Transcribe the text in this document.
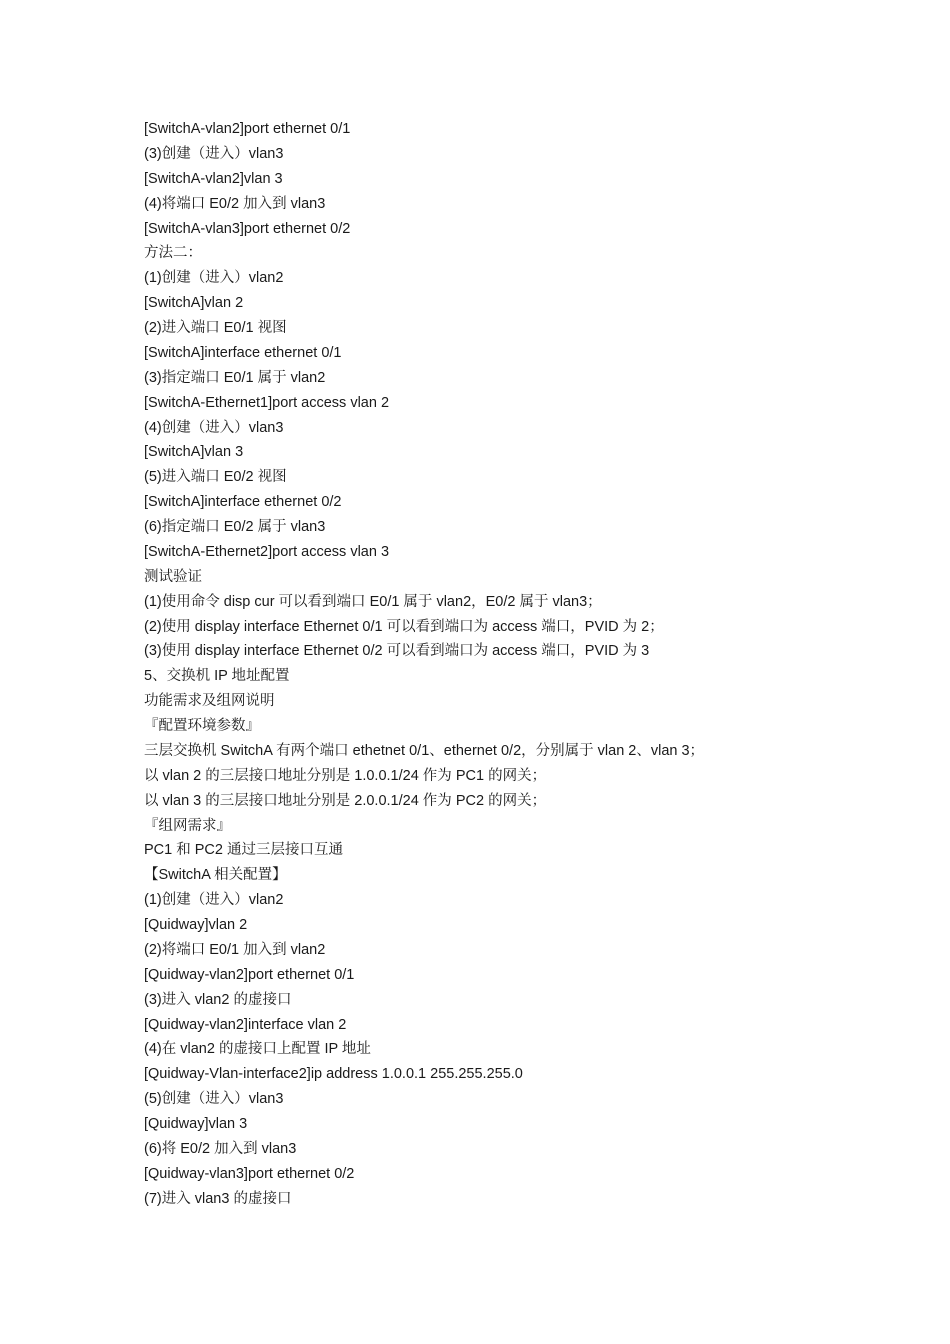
[SwitchA-vlan2]port ethernet 0/1

(3)创建（进入）vlan3

[SwitchA-vlan2]vlan 3

(4)将端口 E0/2 加入到 vlan3

[SwitchA-vlan3]port ethernet 0/2

方法二：

(1)创建（进入）vlan2

[SwitchA]vlan 2

(2)进入端口 E0/1 视图

[SwitchA]interface ethernet 0/1

(3)指定端口 E0/1 属于 vlan2

[SwitchA-Ethernet1]port access vlan 2

(4)创建（进入）vlan3

[SwitchA]vlan 3

(5)进入端口 E0/2 视图

[SwitchA]interface ethernet 0/2

(6)指定端口 E0/2 属于 vlan3

[SwitchA-Ethernet2]port access vlan 3

测试验证

(1)使用命令 disp cur 可以看到端口 E0/1 属于 vlan2，E0/2 属于 vlan3；

(2)使用 display interface Ethernet 0/1 可以看到端口为 access 端口，PVID 为 2；

(3)使用 display interface Ethernet 0/2 可以看到端口为 access 端口，PVID 为 3

5、交换机 IP 地址配置

功能需求及组网说明

『配置环境参数』

三层交换机 SwitchA 有两个端口 ethetnet 0/1、ethernet 0/2，分别属于 vlan 2、vlan 3；

以 vlan 2 的三层接口地址分别是 1.0.0.1/24 作为 PC1 的网关；

以 vlan 3 的三层接口地址分别是 2.0.0.1/24 作为 PC2 的网关；

『组网需求』

PC1 和 PC2 通过三层接口互通

【SwitchA 相关配置】

(1)创建（进入）vlan2

[Quidway]vlan 2

(2)将端口 E0/1 加入到 vlan2

[Quidway-vlan2]port ethernet 0/1

(3)进入 vlan2 的虚接口

[Quidway-vlan2]interface vlan 2

(4)在 vlan2 的虚接口上配置 IP 地址

[Quidway-Vlan-interface2]ip address 1.0.0.1 255.255.255.0

(5)创建（进入）vlan3

[Quidway]vlan 3

(6)将 E0/2 加入到 vlan3

[Quidway-vlan3]port ethernet 0/2

(7)进入 vlan3 的虚接口
